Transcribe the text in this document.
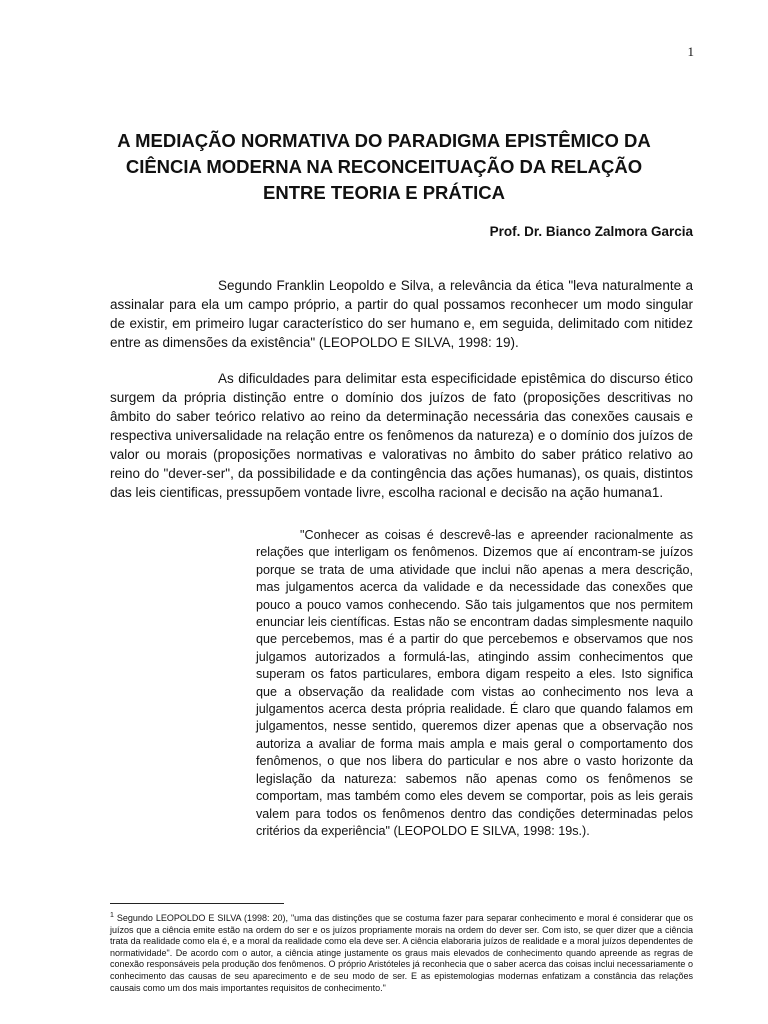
1
A MEDIAÇÃO NORMATIVA DO PARADIGMA EPISTÊMICO DA CIÊNCIA MODERNA NA RECONCEITUAÇÃO DA RELAÇÃO ENTRE TEORIA E PRÁTICA
Prof. Dr. Bianco Zalmora Garcia

Segundo Franklin Leopoldo e Silva, a relevância da ética "leva naturalmente a assinalar para ela um campo próprio, a partir do qual possamos reconhecer um modo singular de existir, em primeiro lugar característico do ser humano e, em seguida, delimitado com nitidez entre as dimensões da existência" (LEOPOLDO E SILVA, 1998: 19).

As dificuldades para delimitar esta especificidade epistêmica do discurso ético surgem da própria distinção entre o domínio dos juízos de fato (proposições descritivas no âmbito do saber teórico relativo ao reino da determinação necessária das conexões causais e respectiva universalidade na relação entre os fenômenos da natureza) e o domínio dos juízos de valor ou morais (proposições normativas e valorativas no âmbito do saber prático relativo ao reino do "dever-ser", da possibilidade e da contingência das ações humanas), os quais, distintos das leis cientificas, pressupõem vontade livre, escolha racional e decisão na ação humana1.

"Conhecer as coisas é descrevê-las e apreender racionalmente as relações que interligam os fenômenos. Dizemos que aí encontram-se juízos porque se trata de uma atividade que inclui não apenas a mera descrição, mas julgamentos acerca da validade e da necessidade das conexões que pouco a pouco vamos conhecendo. São tais julgamentos que nos permitem enunciar leis científicas. Estas não se encontram dadas simplesmente naquilo que percebemos, mas é a partir do que percebemos e observamos que nos julgamos autorizados a formulá-las, atingindo assim conhecimentos que superam os fatos particulares, embora digam respeito a eles. Isto significa que a observação da realidade com vistas ao conhecimento nos leva a julgamentos acerca desta própria realidade. É claro que quando falamos em julgamentos, nesse sentido, queremos dizer apenas que a observação nos autoriza a avaliar de forma mais ampla e mais geral o comportamento dos fenômenos, o que nos libera do particular e nos abre o vasto horizonte da legislação da natureza: sabemos não apenas como os fenômenos se comportam, mas também como eles devem se comportar, pois as leis gerais valem para todos os fenômenos dentro das condições determinadas pelos critérios da experiência" (LEOPOLDO E SILVA, 1998: 19s.).

$^1$ Segundo LEOPOLDO E SILVA (1998: 20), "uma das distinções que se costuma fazer para separar conhecimento e moral é considerar que os juízos que a ciência emite estão na ordem do ser e os juízos propriamente morais na ordem do dever ser. Com isto, se quer dizer que a ciência trata da realidade como ela é, e a moral da realidade como ela deve ser. A ciência elaboraria juízos de realidade e a moral juízos dependentes de normatividade". De acordo com o autor, a ciência atinge justamente os graus mais elevados de conhecimento quando apreende as regras de conexão responsáveis pela produção dos fenômenos. O próprio Aristóteles já reconhecia que o saber acerca das coisas inclui necessariamente o conhecimento das causas de seu aparecimento e de seu modo de ser. E as epistemologias modernas enfatizam a constância das relações causais como um dos mais importantes requisitos de conhecimento."
